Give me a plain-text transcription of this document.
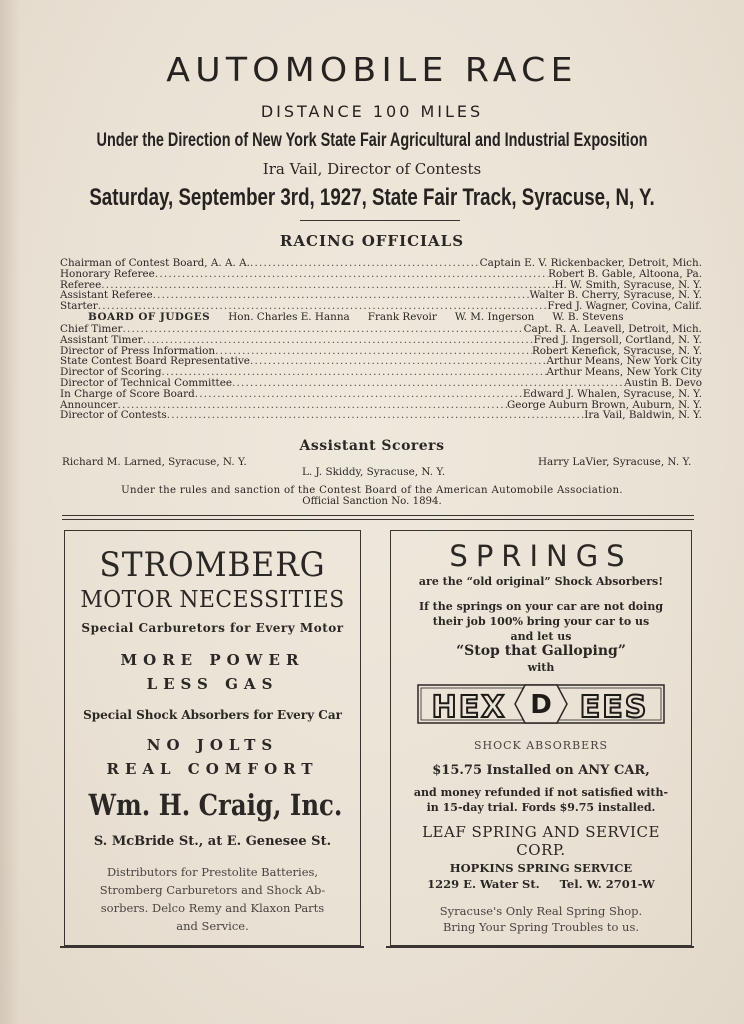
AUTOMOBILE RACE
DISTANCE 100 MILES
Under the Direction of New York State Fair Agricultural and Industrial Exposition
Ira Vail, Director of Contests
Saturday, September 3rd, 1927, State Fair Track, Syracuse, N, Y.
RACING OFFICIALS
Chairman of Contest Board, A. A. A. .....	Captain E. V. Rickenbacker, Detroit, Mich.
Honorary Referee .....	Robert B. Gable, Altoona, Pa.
Referee .....	H. W. Smith, Syracuse, N. Y.
Assistant Referee .....	Walter B. Cherry, Syracuse, N. Y.
Starter .....	Fred J. Wagner, Covina, Calif.
BOARD OF JUDGES Hon. Charles E. Hanna Frank Revoir W. M. Ingerson W. B. Stevens
Chief Timer .....	Capt. R. A. Leavell, Detroit, Mich.
Assistant Timer .....	Fred J. Ingersoll, Cortland, N. Y.
Director of Press Information .....	Robert Kenefick, Syracuse, N. Y.
State Contest Board Representative .....	Arthur Means, New York City
Director of Scoring .....	Arthur Means, New York City
Director of Technical Committee .....	Austin B. Devo
In Charge of Score Board .....	Edward J. Whalen, Syracuse, N. Y.
Announcer .....	George Auburn Brown, Auburn, N. Y.
Director of Contests .....	Ira Vail, Baldwin, N. Y.
Assistant Scorers
Richard M. Larned, Syracuse, N. Y.	Harry LaVier, Syracuse, N. Y.
L. J. Skiddy, Syracuse, N. Y.
Under the rules and sanction of the Contest Board of the American Automobile Association.
Official Sanction No. 1894.
STROMBERG
MOTOR NECESSITIES
Special Carburetors for Every Motor
MORE POWER
LESS GAS
Special Shock Absorbers for Every Car
NO JOLTS
REAL COMFORT
Wm. H. Craig, Inc.
S. McBride St., at E. Genesee St.
Distributors for Prestolite Batteries,
Stromberg Carburetors and Shock Ab-
sorbers. Delco Remy and Klaxon Parts
and Service.
SPRINGS
are the “old original” Shock Absorbers!
If the springs on your car are not doing
their job 100% bring your car to us
and let us
“Stop that Galloping”
with
D
HEX EES
SHOCK ABSORBERS
$15.75 Installed on ANY CAR,
and money refunded if not satisfied with-
in 15-day trial. Fords $9.75 installed.
LEAF SPRING AND SERVICE
CORP.
HOPKINS SPRING SERVICE
1229 E. Water St. Tel. W. 2701-W
Syracuse's Only Real Spring Shop.
Bring Your Spring Troubles to us.
